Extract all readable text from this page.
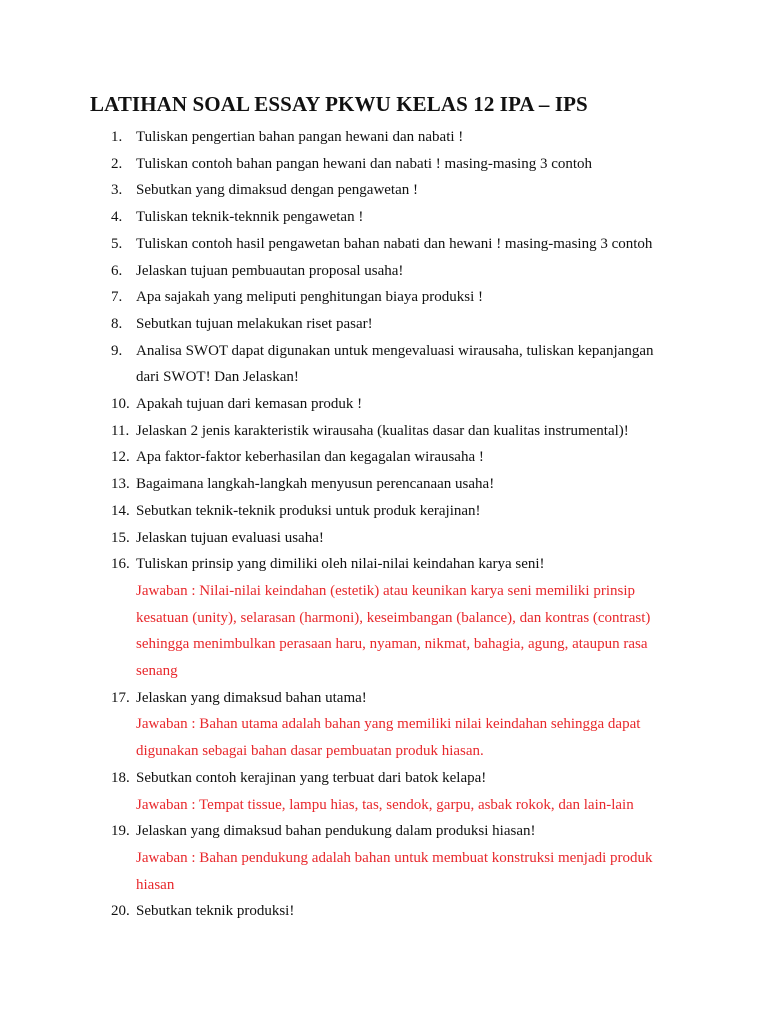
LATIHAN SOAL ESSAY PKWU KELAS 12 IPA – IPS
1. Tuliskan pengertian bahan pangan hewani dan nabati !
2. Tuliskan contoh bahan pangan hewani dan nabati ! masing-masing 3 contoh
3. Sebutkan yang dimaksud dengan pengawetan !
4. Tuliskan teknik-teknnik pengawetan !
5. Tuliskan contoh hasil pengawetan bahan nabati dan hewani ! masing-masing 3 contoh
6. Jelaskan tujuan pembuautan proposal usaha!
7. Apa sajakah yang meliputi penghitungan biaya produksi !
8. Sebutkan tujuan melakukan riset pasar!
9. Analisa SWOT dapat digunakan untuk mengevaluasi wirausaha, tuliskan kepanjangan dari SWOT! Dan Jelaskan!
10. Apakah tujuan dari kemasan produk !
11. Jelaskan 2 jenis karakteristik wirausaha (kualitas dasar dan kualitas instrumental)!
12. Apa faktor-faktor keberhasilan dan kegagalan wirausaha !
13. Bagaimana langkah-langkah menyusun perencanaan usaha!
14. Sebutkan teknik-teknik produksi untuk produk kerajinan!
15. Jelaskan tujuan evaluasi usaha!
16. Tuliskan prinsip yang dimiliki oleh nilai-nilai keindahan karya seni!
Jawaban : Nilai-nilai keindahan (estetik) atau keunikan karya seni memiliki prinsip kesatuan (unity), selarasan (harmoni), keseimbangan (balance), dan kontras (contrast) sehingga menimbulkan perasaan haru, nyaman, nikmat, bahagia, agung, ataupun rasa senang
17. Jelaskan yang dimaksud bahan utama!
Jawaban : Bahan utama adalah bahan yang memiliki nilai keindahan sehingga dapat digunakan sebagai bahan dasar pembuatan produk hiasan.
18. Sebutkan contoh kerajinan yang terbuat dari batok kelapa!
Jawaban : Tempat tissue, lampu hias, tas, sendok, garpu, asbak rokok, dan lain-lain
19. Jelaskan yang dimaksud bahan pendukung dalam produksi hiasan!
Jawaban : Bahan pendukung adalah bahan untuk membuat konstruksi menjadi produk hiasan
20. Sebutkan teknik produksi!
